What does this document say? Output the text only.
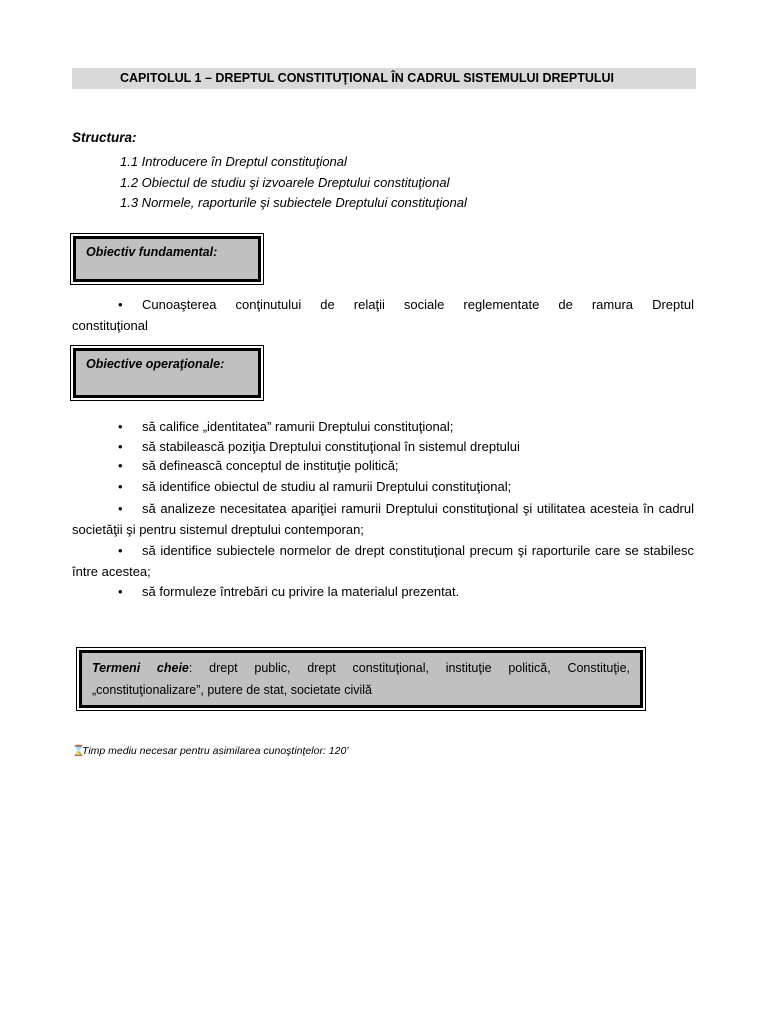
CAPITOLUL 1 – DREPTUL CONSTITUŢIONAL ÎN CADRUL SISTEMULUI DREPTULUI
Structura:
1.1 Introducere în Dreptul constituţional
1.2 Obiectul de studiu şi izvoarele Dreptului constituţional
1.3 Normele, raporturile şi subiectele Dreptului constituţional
Obiectiv fundamental:
• Cunoaşterea conţinutului de relaţii sociale reglementate de ramura Dreptul
constituţional
Obiective operaţionale:
•	să califice „identitatea” ramurii Dreptului constituţional;
•	să stabilească poziţia Dreptului constituţional în sistemul dreptului
•	să definească conceptul de instituţie politică;
•	să identifice obiectul de studiu al ramurii Dreptului constituţional;
•	să analizeze necesitatea apariţiei ramurii Dreptului constituţional şi utilitatea acesteia în cadrul societăţii şi pentru sistemul dreptului contemporan;
•	să identifice subiectele normelor de drept constituţional precum şi raporturile care se stabilesc între acestea;
•	să formuleze întrebări cu privire la materialul prezentat.
Termeni cheie: drept public, drept constituţional, instituţie politică, Constituţie, „constituţionalizare”, putere de stat, societate civilă
⌛Timp mediu necesar pentru asimilarea cunoştinţelor: 120’
